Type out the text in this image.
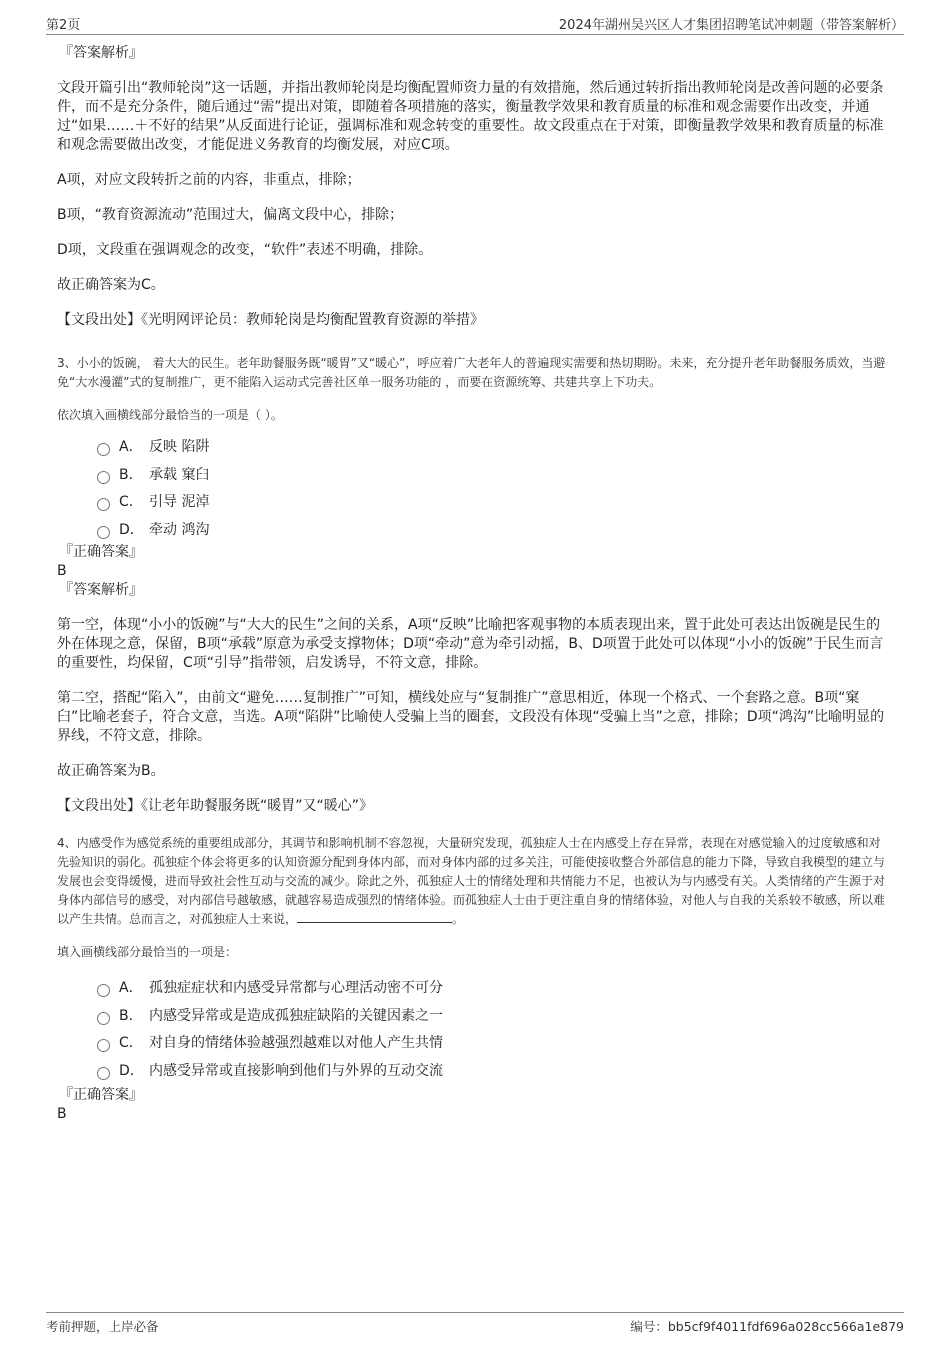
第2页	2024年湖州吴兴区人才集团招聘笔试冲刺题（带答案解析）

『答案解析』

文段开篇引出“教师轮岗”这一话题，并指出教师轮岗是均衡配置师资力量的有效措施，然后通过转折指出教师轮岗是改善问题的必要条件，而不是充分条件，随后通过“需”提出对策，即随着各项措施的落实，衡量教学效果和教育质量的标准和观念需要作出改变，并通过“如果……＋不好的结果”从反面进行论证，强调标准和观念转变的重要性。故文段重点在于对策，即衡量教学效果和教育质量的标准和观念需要做出改变，才能促进义务教育的均衡发展，对应C项。

A项，对应文段转折之前的内容，非重点，排除；

B项，“教育资源流动”范围过大，偏离文段中心，排除；

D项，文段重在强调观念的改变，“软件”表述不明确，排除。

故正确答案为C。

【文段出处】《光明网评论员：教师轮岗是均衡配置教育资源的举措》

3、小小的饭碗， 着大大的民生。老年助餐服务既“暖胃”又“暖心”，呼应着广大老年人的普遍现实需要和热切期盼。未来，充分提升老年助餐服务质效，当避免“大水漫灌”式的复制推广，更不能陷入运动式完善社区单一服务功能的 ，而要在资源统筹、共建共享上下功夫。

依次填入画横线部分最恰当的一项是（ ）。

A． 反映 陷阱
B． 承载 窠臼
C． 引导 泥淖
D． 牵动 鸿沟

『正确答案』

B

『答案解析』

第一空，体现“小小的饭碗”与“大大的民生”之间的关系，A项“反映”比喻把客观事物的本质表现出来，置于此处可表达出饭碗是民生的外在体现之意，保留，B项“承载”原意为承受支撑物体；D项“牵动”意为牵引动摇，B、D项置于此处可以体现“小小的饭碗”于民生而言的重要性，均保留，C项“引导”指带领，启发诱导，不符文意，排除。

第二空，搭配“陷入”，由前文“避免……复制推广”可知，横线处应与“复制推广”意思相近，体现一个格式、一个套路之意。B项“窠臼”比喻老套子，符合文意，当选。A项“陷阱”比喻使人受骗上当的圈套，文段没有体现“受骗上当”之意，排除；D项“鸿沟”比喻明显的界线，不符文意，排除。

故正确答案为B。

【文段出处】《让老年助餐服务既“暖胃”又“暖心”》

4、内感受作为感觉系统的重要组成部分，其调节和影响机制不容忽视，大量研究发现，孤独症人士在内感受上存在异常，表现在对感觉输入的过度敏感和对先验知识的弱化。孤独症个体会将更多的认知资源分配到身体内部，而对身体内部的过多关注，可能使接收整合外部信息的能力下降，导致自我模型的建立与发展也会变得缓慢，进而导致社会性互动与交流的减少。除此之外，孤独症人士的情绪处理和共情能力不足，也被认为与内感受有关。人类情绪的产生源于对身体内部信号的感受，对内部信号越敏感，就越容易造成强烈的情绪体验。而孤独症人士由于更注重自身的情绪体验，对他人与自我的关系较不敏感，所以难以产生共情。总而言之，对孤独症人士来说，	。

填入画横线部分最恰当的一项是：

A． 孤独症症状和内感受异常都与心理活动密不可分
B． 内感受异常或是造成孤独症缺陷的关键因素之一
C． 对自身的情绪体验越强烈越难以对他人产生共情
D． 内感受异常或直接影响到他们与外界的互动交流

『正确答案』

B

考前押题，上岸必备	编号：bb5cf9f4011fdf696a028cc566a1e879
